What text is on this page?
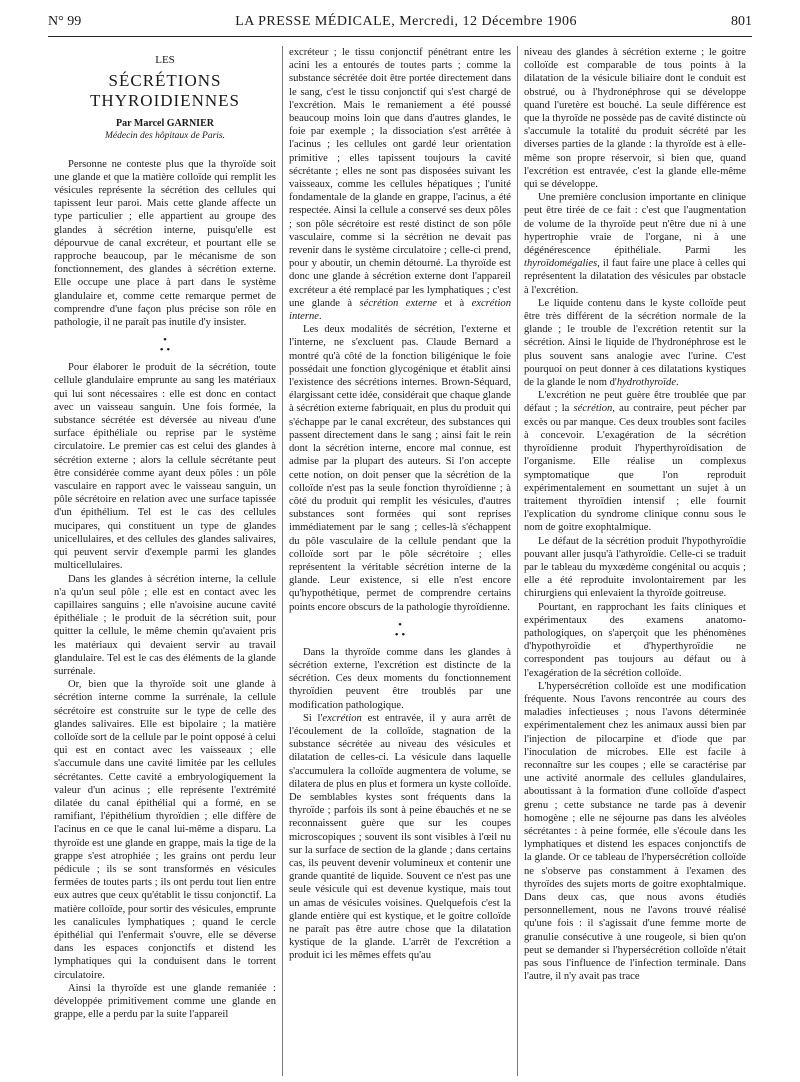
N° 99	LA PRESSE MÉDICALE, Mercredi, 12 Décembre 1906	801
LES
SÉCRÉTIONS THYROIDIENNES
Par Marcel GARNIER
Médecin des hôpitaux de Paris.

Personne ne conteste plus que la thyroïde soit une glande et que la matière colloïde qui remplit les vésicules représente la sécrétion des cellules qui tapissent leur paroi. Mais cette glande affecte un type particulier ; elle appartient au groupe des glandes à sécrétion interne, puisqu'elle est dépourvue de canal excréteur, et pourtant elle se rapproche beaucoup, par le mécanisme de son fonctionnement, des glandes à sécrétion externe. Elle occupe une place à part dans le système glandulaire et, comme cette remarque permet de comprendre d'une façon plus précise son rôle en pathologie, il ne paraît pas inutile d'y insister.

•
• •

Pour élaborer le produit de la sécrétion, toute cellule glandulaire emprunte au sang les matériaux qui lui sont nécessaires : elle est donc en contact avec un vaisseau sanguin. Une fois formée, la substance sécrétée est déversée au niveau d'une surface épithéliale ou reprise par le système circulatoire. Le premier cas est celui des glandes à sécrétion externe ; alors la cellule sécrétante peut être considérée comme ayant deux pôles : un pôle vasculaire en rapport avec le vaisseau sanguin, un pôle sécrétoire en relation avec une surface tapissée d'un épithélium. Tel est le cas des cellules mucipares, qui constituent un type de glandes unicellulaires, et des cellules des glandes salivaires, qui peuvent servir d'exemple parmi les glandes multicellulaires.

Dans les glandes à sécrétion interne, la cellule n'a qu'un seul pôle ; elle est en contact avec les capillaires sanguins ; elle n'avoisine aucune cavité épithéliale ; le produit de la sécrétion suit, pour quitter la cellule, le même chemin qu'avaient pris les matériaux qui devaient servir au travail glandulaire. Tel est le cas des éléments de la glande surrénale.

Or, bien que la thyroïde soit une glande à sécrétion interne comme la surrénale, la cellule sécrétoire est construite sur le type de celle des glandes salivaires. Elle est bipolaire ; la matière colloïde sort de la cellule par le point opposé à celui qui est en contact avec les vaisseaux ; elle s'accumule dans une cavité limitée par les cellules sécrétantes. Cette cavité a embryologiquement la valeur d'un acinus ; elle représente l'extrémité dilatée du canal épithélial qui a formé, en se ramifiant, l'épithélium thyroïdien ; elle diffère de l'acinus en ce que le canal lui-même a disparu. La thyroïde est une glande en grappe, mais la tige de la grappe s'est atrophiée ; les grains ont perdu leur pédicule ; ils se sont transformés en vésicules fermées de toutes parts ; ils ont perdu tout lien entre eux autres que ceux qu'établit le tissu conjonctif. La matière colloïde, pour sortir des vésicules, emprunte les canalicules lymphatiques ; quand le cercle épithélial qui l'enfermait s'ouvre, elle se déverse dans les espaces conjonctifs et distend les lymphatiques qui la conduisent dans le torrent circulatoire.

Ainsi la thyroïde est une glande remaniée : développée primitivement comme une glande en grappe, elle a perdu par la suite l'appareil

excréteur ; le tissu conjonctif pénétrant entre les acini les a entourés de toutes parts ; comme la substance sécrétée doit être portée directement dans le sang, c'est le tissu conjonctif qui s'est chargé de l'excrétion. Mais le remaniement a été poussé beaucoup moins loin que dans d'autres glandes, le foie par exemple ; la dissociation s'est arrêtée à l'acinus ; les cellules ont gardé leur orientation primitive ; elles tapissent toujours la cavité sécrétante ; elles ne sont pas disposées suivant les vaisseaux, comme les cellules hépatiques ; l'unité fondamentale de la glande en grappe, l'acinus, a été respectée. Ainsi la cellule a conservé ses deux pôles ; son pôle sécrétoire est resté distinct de son pôle vasculaire, comme si la sécrétion ne devait pas revenir dans le système circulatoire ; celle-ci prend, pour y aboutir, un chemin détourné. La thyroïde est donc une glande à sécrétion externe dont l'appareil excréteur a été remplacé par les lymphatiques ; c'est une glande à sécrétion externe et à excrétion interne.

Les deux modalités de sécrétion, l'externe et l'interne, ne s'excluent pas. Claude Bernard a montré qu'à côté de la fonction biligénique le foie possédait une fonction glycogénique et établit ainsi l'existence des sécrétions internes. Brown-Séquard, élargissant cette idée, considérait que chaque glande à sécrétion externe fabriquait, en plus du produit qui s'échappe par le canal excréteur, des substances qui passent directement dans le sang ; ainsi fait le rein dont la sécrétion interne, encore mal connue, est admise par la plupart des auteurs. Si l'on accepte cette notion, on doit penser que la sécrétion de la colloïde n'est pas la seule fonction thyroïdienne ; à côté du produit qui remplit les vésicules, d'autres substances sont formées qui sont reprises immédiatement par le sang ; celles-là s'échappent du pôle vasculaire de la cellule pendant que la colloïde sort par le pôle sécrétoire ; elles représentent la véritable sécrétion interne de la glande. Leur existence, si elle n'est encore qu'hypothétique, permet de comprendre certains points encore obscurs de la pathologie thyroïdienne.

•
• •

Dans la thyroïde comme dans les glandes à sécrétion externe, l'excrétion est distincte de la sécrétion. Ces deux moments du fonctionnement thyroïdien peuvent être troublés par une modification pathologique.

Si l'excrétion est entravée, il y aura arrêt de l'écoulement de la colloïde, stagnation de la substance sécrétée au niveau des vésicules et dilatation de celles-ci. La vésicule dans laquelle s'accumulera la colloïde augmentera de volume, se dilatera de plus en plus et formera un kyste colloïde. De semblables kystes sont fréquents dans la thyroïde ; parfois ils sont à peine ébauchés et ne se reconnaissent guère que sur les coupes microscopiques ; souvent ils sont visibles à l'œil nu sur la surface de section de la glande ; dans certains cas, ils peuvent devenir volumineux et contenir une grande quantité de liquide. Souvent ce n'est pas une seule vésicule qui est devenue kystique, mais tout un amas de vésicules voisines. Quelquefois c'est la glande entière qui est kystique, et le goitre colloïde ne paraît pas être autre chose que la dilatation kystique de la glande. L'arrêt de l'excrétion a produit ici les mêmes effets qu'au

niveau des glandes à sécrétion externe ; le goitre colloïde est comparable de tous points à la dilatation de la vésicule biliaire dont le conduit est obstrué, ou à l'hydronéphrose qui se développe quand l'uretère est bouché. La seule différence est que la thyroïde ne possède pas de cavité distincte où s'accumule la totalité du produit sécrété par les diverses parties de la glande : la thyroïde est à elle-même son propre réservoir, si bien que, quand l'excrétion est entravée, c'est la glande elle-même qui se développe.

Une première conclusion importante en clinique peut être tirée de ce fait : c'est que l'augmentation de volume de la thyroïde peut n'être due ni à une hypertrophie vraie de l'organe, ni à une dégénérescence épithéliale. Parmi les thyroïdomégalies, il faut faire une place à celles qui représentent la dilatation des vésicules par obstacle à l'excrétion.

Le liquide contenu dans le kyste colloïde peut être très différent de la sécrétion normale de la glande ; le trouble de l'excrétion retentit sur la sécrétion. Ainsi le liquide de l'hydronéphrose est le plus souvent sans analogie avec l'urine. C'est pourquoi on peut donner à ces dilatations kystiques de la glande le nom d'hydrothyroïde.

L'excrétion ne peut guère être troublée que par défaut ; la sécrétion, au contraire, peut pécher par excès ou par manque. Ces deux troubles sont faciles à concevoir. L'exagération de la sécrétion thyroïdienne produit l'hyperthyroïdisation de l'organisme. Elle réalise un complexus symptomatique que l'on reproduit expérimentalement en soumettant un sujet à un traitement thyroïdien intensif ; elle fournit l'explication du syndrome clinique connu sous le nom de goitre exophtalmique.

Le défaut de la sécrétion produit l'hypothyroïdie pouvant aller jusqu'à l'athyroïdie. Celle-ci se traduit par le tableau du myxœdème congénital ou acquis ; elle a été reproduite involontairement par les chirurgiens qui enlevaient la thyroïde goitreuse.

Pourtant, en rapprochant les faits cliniques et expérimentaux des examens anatomo-pathologiques, on s'aperçoit que les phénomènes d'hypothyroïdie et d'hyperthyroïdie ne correspondent pas toujours au défaut ou à l'exagération de la sécrétion colloïde.

L'hypersécrétion colloïde est une modification fréquente. Nous l'avons rencontrée au cours des maladies infectieuses ; nous l'avons déterminée expérimentalement chez les animaux aussi bien par l'injection de pilocarpine et d'iode que par l'inoculation de microbes. Elle est facile à reconnaître sur les coupes ; elle se caractérise par une activité anormale des cellules glandulaires, aboutissant à la formation d'une colloïde d'aspect grenu ; cette substance ne tarde pas à devenir homogène ; elle ne séjourne pas dans les alvéoles sécrétantes : à peine formée, elle s'écoule dans les lymphatiques et distend les espaces conjonctifs de la glande. Or ce tableau de l'hypersécrétion colloïde ne s'observe pas constamment à l'examen des thyroïdes des sujets morts de goitre exophtalmique. Dans deux cas, que nous avons étudiés personnellement, nous ne l'avons trouvé réalisé qu'une fois : il s'agissait d'une femme morte de granulie consécutive à une rougeole, si bien qu'on peut se demander si l'hypersécrétion colloïde n'était pas sous l'influence de l'infection terminale. Dans l'autre, il n'y avait pas trace
